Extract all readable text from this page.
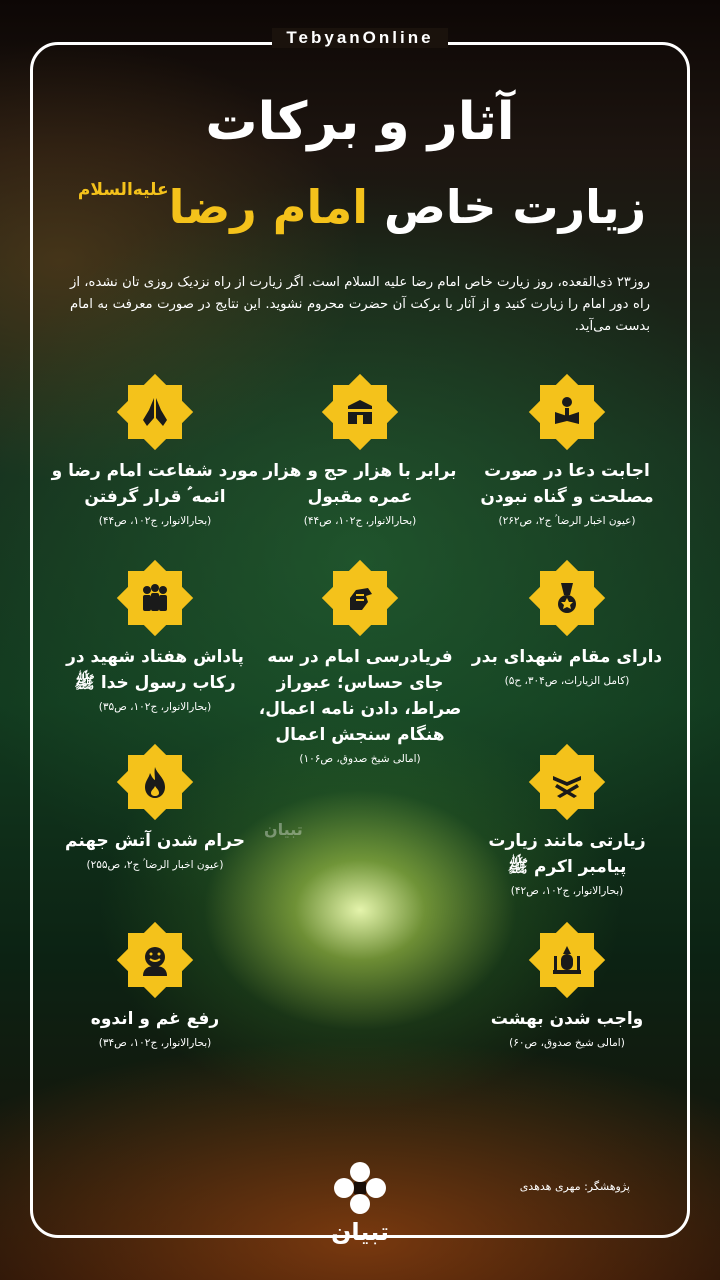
TebyanOnline
آثار و برکات
زیارت خاص امام رضا$^{علیه‌السلام}$
روز۲۳ ذی‌القعده، روز زیارت خاص امام رضا علیه السلام است. اگر زیارت از راه نزدیک روزی تان نشده، از راه دور امام را زیارت کنید و از آثار با برکت آن حضرت محروم نشوید. این نتایج در صورت معرفت به امام بدست می‌آید.
اجابت دعا در صورت مصلحت و گناه نبودن
(عیون اخبار الرضا ؑ ج۲، ص۲۶۲)
برابر با هزار حج و هزار عمره مقبول
(بحارالانوار، ج۱۰۲، ص۴۴)
مورد شفاعت امام رضا و ائمه ؑ قرار گرفتن
(بحارالانوار، ج۱۰۲، ص۴۴)
دارای مقام شهدای بدر
(کامل الزیارات، ص۳۰۴، ح۵)
فریادرسی امام در سه جای حساس؛ عبوراز صراط، دادن نامه اعمال، هنگام سنجش اعمال
(امالی شیخ صدوق، ص۱۰۶)
پاداش هفتاد شهید در رکاب رسول خدا ﷺ
(بحارالانوار، ج۱۰۲، ص۳۵)
زیارتی مانند زیارت پیامبر اکرم ﷺ
(بحارالانوار، ج۱۰۲، ص۴۲)
حرام شدن آتش جهنم
(عیون اخبار الرضا ؑ ج۲، ص۲۵۵)
واجب شدن بهشت
(امالی شیخ صدوق، ص۶۰)
رفع غم و اندوه
(بحارالانوار، ج۱۰۲، ص۳۴)
تبیان
پژوهشگر: مهری هدهدی
تبیان
